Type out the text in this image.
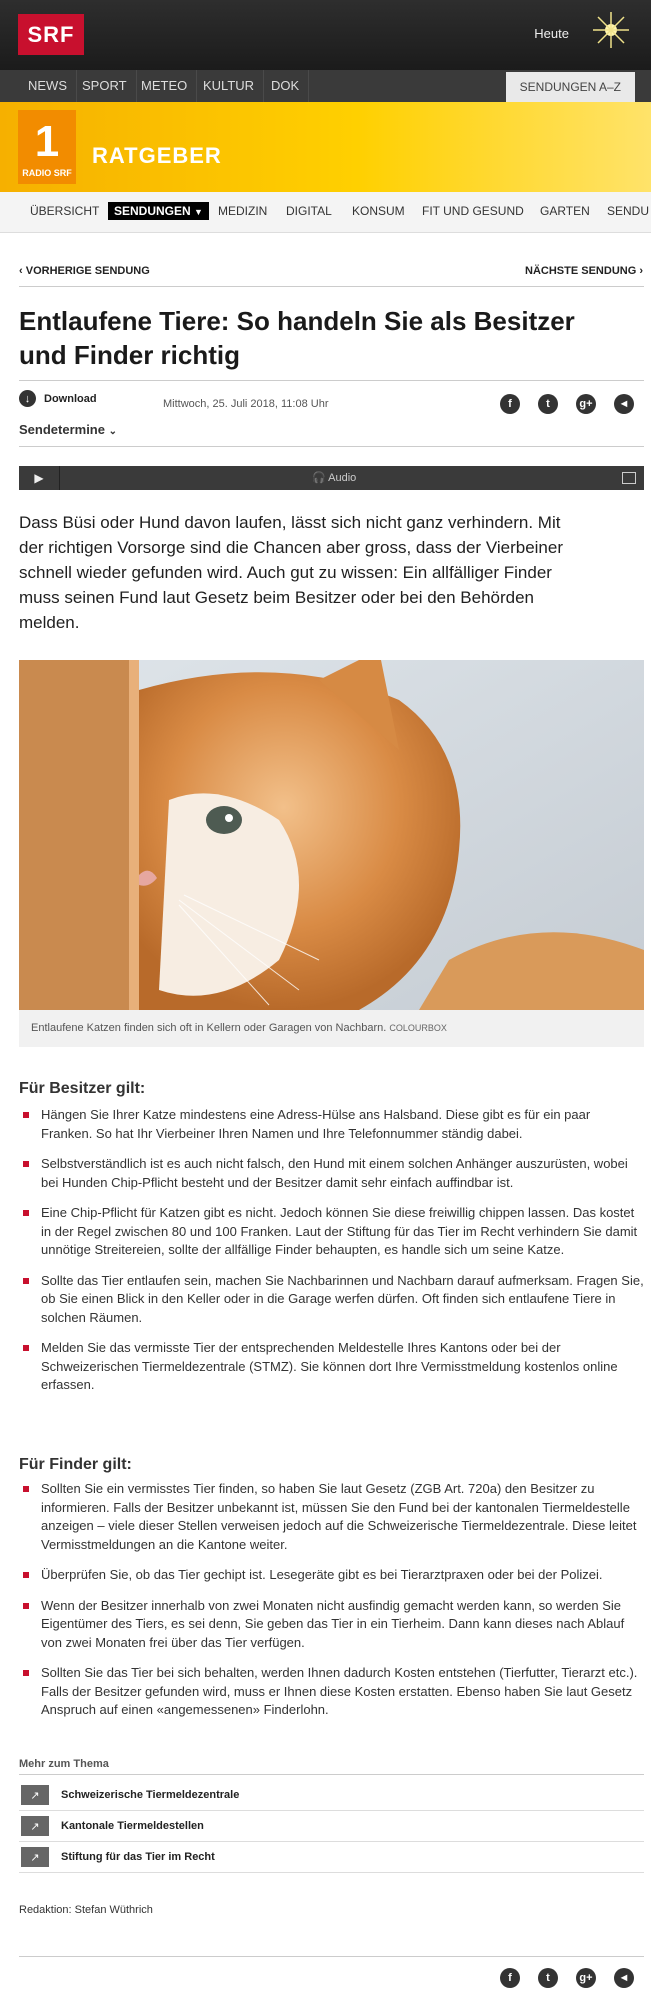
SRF	Heute
NEWS	SPORT	METEO	KULTUR	DOK	SENDUNGEN A–Z
1
RADIO SRF
RATGEBER
ÜBERSICHT	SENDUNGEN ▼	MEDIZIN	DIGITAL	KONSUM	FIT UND GESUND	GARTEN	SENDU
‹ VORHERIGE SENDUNG	NÄCHSTE SENDUNG ›
Entlaufene Tiere: So handeln Sie als Besitzer und Finder richtig
↓	Download
Sendetermine ⌄
Mittwoch, 25. Juli 2018, 11:08 Uhr	f	t	g+	◄
▶	🎧 Audio
Dass Büsi oder Hund davon laufen, lässt sich nicht ganz verhindern. Mit der richtigen Vorsorge sind die Chancen aber gross, dass der Vierbeiner schnell wieder gefunden wird. Auch gut zu wissen: Ein allfälliger Finder muss seinen Fund laut Gesetz beim Besitzer oder bei den Behörden melden.
Entlaufene Katzen finden sich oft in Kellern oder Garagen von Nachbarn. COLOURBOX
Für Besitzer gilt:
Hängen Sie Ihrer Katze mindestens eine Adress-Hülse ans Halsband. Diese gibt es für ein paar Franken. So hat Ihr Vierbeiner Ihren Namen und Ihre Telefonnummer ständig dabei.
Selbstverständlich ist es auch nicht falsch, den Hund mit einem solchen Anhänger auszurüsten, wobei bei Hunden Chip-Pflicht besteht und der Besitzer damit sehr einfach auffindbar ist.
Eine Chip-Pflicht für Katzen gibt es nicht. Jedoch können Sie diese freiwillig chippen lassen. Das kostet in der Regel zwischen 80 und 100 Franken. Laut der Stiftung für das Tier im Recht verhindern Sie damit unnötige Streitereien, sollte der allfällige Finder behaupten, es handle sich um seine Katze.
Sollte das Tier entlaufen sein, machen Sie Nachbarinnen und Nachbarn darauf aufmerksam. Fragen Sie, ob Sie einen Blick in den Keller oder in die Garage werfen dürfen. Oft finden sich entlaufene Tiere in solchen Räumen.
Melden Sie das vermisste Tier der entsprechenden Meldestelle Ihres Kantons oder bei der Schweizerischen Tiermeldezentrale (STMZ). Sie können dort Ihre Vermisstmeldung kostenlos online erfassen.
Für Finder gilt:
Sollten Sie ein vermisstes Tier finden, so haben Sie laut Gesetz (ZGB Art. 720a) den Besitzer zu informieren. Falls der Besitzer unbekannt ist, müssen Sie den Fund bei der kantonalen Tiermeldestelle anzeigen – viele dieser Stellen verweisen jedoch auf die Schweizerische Tiermeldezentrale. Diese leitet Vermisstmeldungen an die Kantone weiter.
Überprüfen Sie, ob das Tier gechipt ist. Lesegeräte gibt es bei Tierarztpraxen oder bei der Polizei.
Wenn der Besitzer innerhalb von zwei Monaten nicht ausfindig gemacht werden kann, so werden Sie Eigentümer des Tiers, es sei denn, Sie geben das Tier in ein Tierheim. Dann kann dieses nach Ablauf von zwei Monaten frei über das Tier verfügen.
Sollten Sie das Tier bei sich behalten, werden Ihnen dadurch Kosten entstehen (Tierfutter, Tierarzt etc.). Falls der Besitzer gefunden wird, muss er Ihnen diese Kosten erstatten. Ebenso haben Sie laut Gesetz Anspruch auf einen «angemessenen» Finderlohn.
Mehr zum Thema
↗	Schweizerische Tiermeldezentrale
↗	Kantonale Tiermeldestellen
↗	Stiftung für das Tier im Recht
Redaktion: Stefan Wüthrich
f	t	g+	◄
